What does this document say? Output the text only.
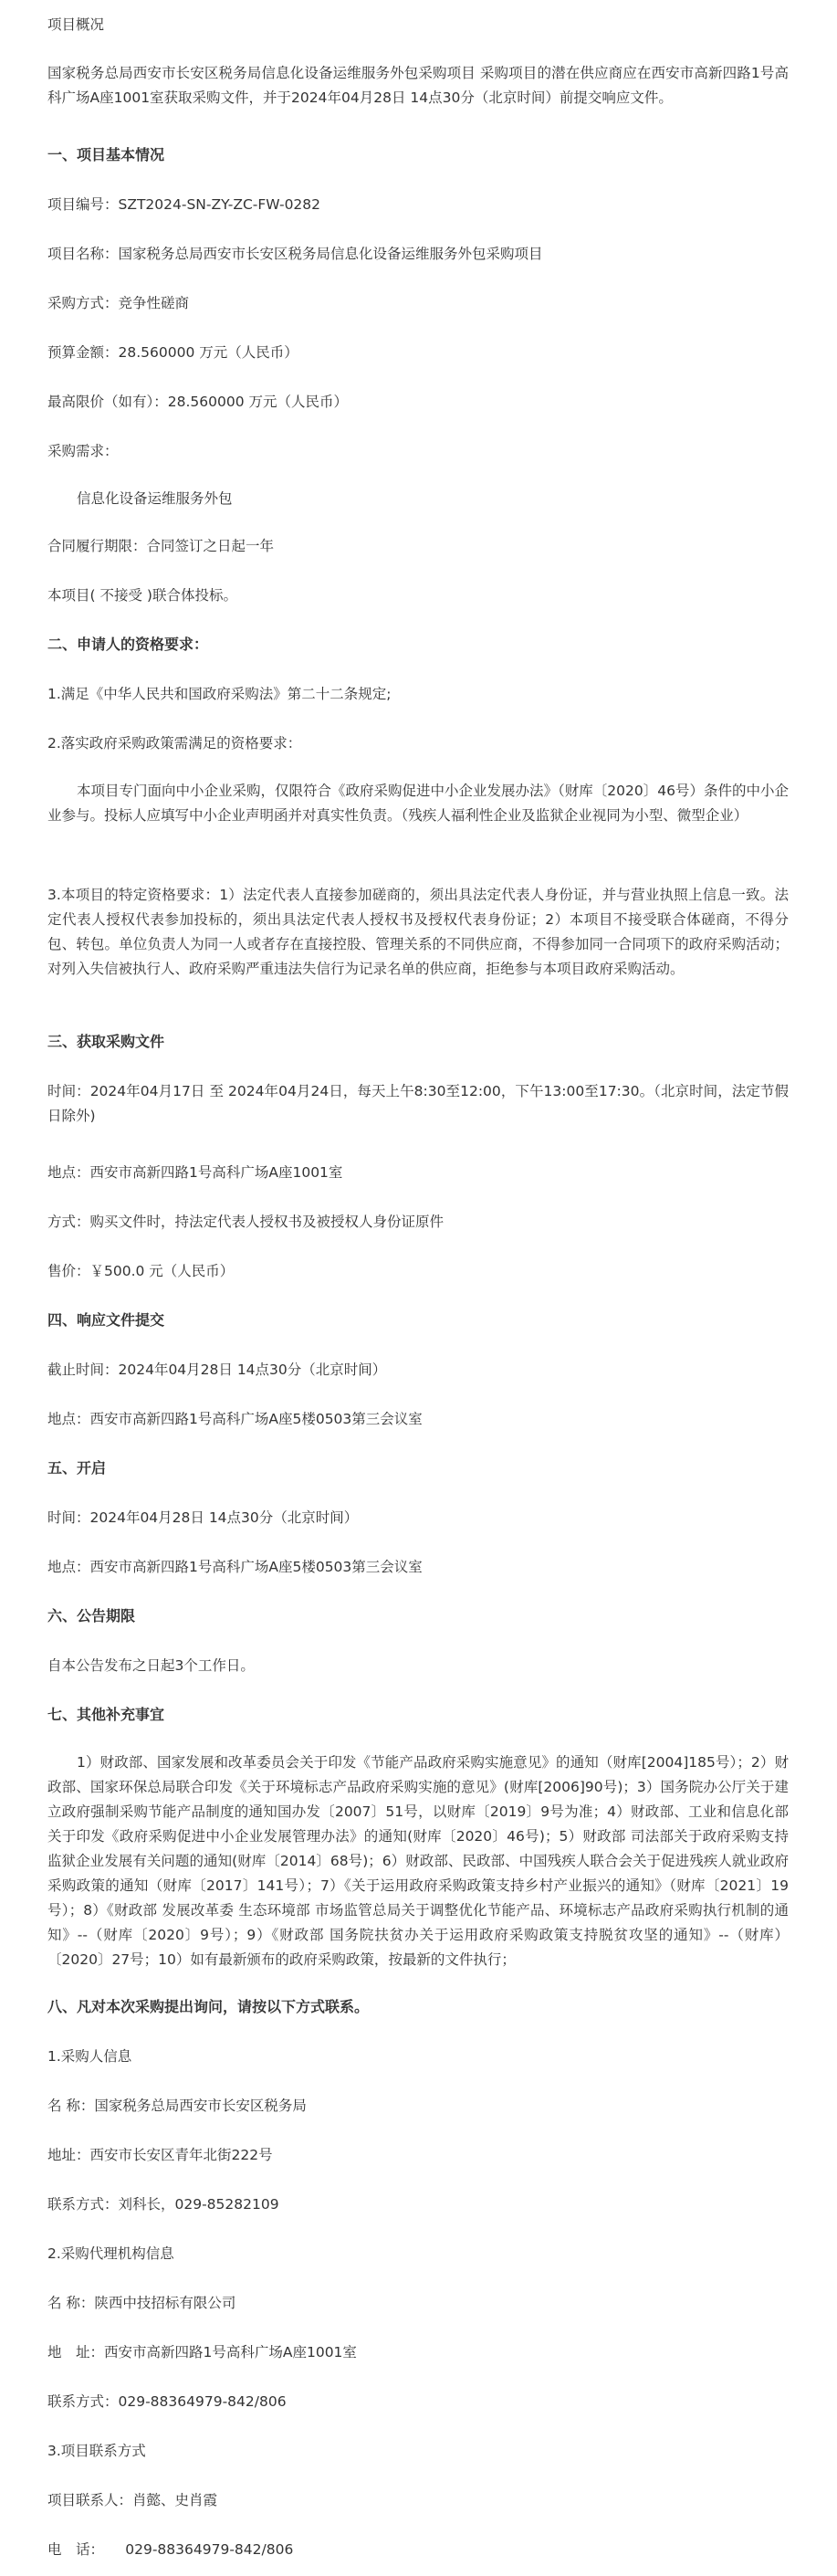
项目概况

国家税务总局西安市长安区税务局信息化设备运维服务外包采购项目 采购项目的潜在供应商应在西安市高新四路1号高科广场A座1001室获取采购文件，并于2024年04月28日 14点30分（北京时间）前提交响应文件。

一、项目基本情况
项目编号：SZT2024-SN-ZY-ZC-FW-0282
项目名称：国家税务总局西安市长安区税务局信息化设备运维服务外包采购项目
采购方式：竞争性磋商
预算金额：28.560000 万元（人民币）
最高限价（如有）：28.560000 万元（人民币）
采购需求：
信息化设备运维服务外包
合同履行期限：合同签订之日起一年
本项目( 不接受 )联合体投标。
二、申请人的资格要求：
1.满足《中华人民共和国政府采购法》第二十二条规定;
2.落实政府采购政策需满足的资格要求：

本项目专门面向中小企业采购，仅限符合《政府采购促进中小企业发展办法》（财库〔2020〕46号）条件的中小企业参与。投标人应填写中小企业声明函并对真实性负责。（残疾人福利性企业及监狱企业视同为小型、微型企业）

3.本项目的特定资格要求：1）法定代表人直接参加磋商的，须出具法定代表人身份证，并与营业执照上信息一致。法定代表人授权代表参加投标的，须出具法定代表人授权书及授权代表身份证；2）本项目不接受联合体磋商，不得分包、转包。单位负责人为同一人或者存在直接控股、管理关系的不同供应商，不得参加同一合同项下的政府采购活动；对列入失信被执行人、政府采购严重违法失信行为记录名单的供应商，拒绝参与本项目政府采购活动。

三、获取采购文件

时间：2024年04月17日 至 2024年04月24日，每天上午8:30至12:00，下午13:00至17:30。（北京时间，法定节假日除外)

地点：西安市高新四路1号高科广场A座1001室
方式：购买文件时，持法定代表人授权书及被授权人身份证原件
售价：￥500.0 元（人民币）
四、响应文件提交
截止时间：2024年04月28日 14点30分（北京时间）
地点：西安市高新四路1号高科广场A座5楼0503第三会议室
五、开启
时间：2024年04月28日 14点30分（北京时间）
地点：西安市高新四路1号高科广场A座5楼0503第三会议室
六、公告期限
自本公告发布之日起3个工作日。
七、其他补充事宜

1）财政部、国家发展和改革委员会关于印发《节能产品政府采购实施意见》的通知（财库[2004]185号）；2）财政部、国家环保总局联合印发《关于环境标志产品政府采购实施的意见》(财库[2006]90号)；3）国务院办公厅关于建立政府强制采购节能产品制度的通知国办发〔2007〕51号，以财库〔2019〕9号为准；4）财政部、工业和信息化部关于印发《政府采购促进中小企业发展管理办法》的通知(财库〔2020〕46号)；5）财政部 司法部关于政府采购支持监狱企业发展有关问题的通知(财库〔2014〕68号)；6）财政部、民政部、中国残疾人联合会关于促进残疾人就业政府采购政策的通知（财库〔2017〕141号）；7）《关于运用政府采购政策支持乡村产业振兴的通知》（财库〔2021〕19号）；8）《财政部 发展改革委 生态环境部 市场监管总局关于调整优化节能产品、环境标志产品政府采购执行机制的通知》--（财库〔2020〕9号）；9）《财政部 国务院扶贫办关于运用政府采购政策支持脱贫攻坚的通知》--（财库）〔2020〕27号；10）如有最新颁布的政府采购政策，按最新的文件执行；

八、凡对本次采购提出询问，请按以下方式联系。
1.采购人信息
名 称：国家税务总局西安市长安区税务局
地址：西安市长安区青年北街222号
联系方式：刘科长，029-85282109
2.采购代理机构信息
名 称：陕西中技招标有限公司
地　址：西安市高新四路1号高科广场A座1001室
联系方式：029-88364979-842/806
3.项目联系方式
项目联系人：肖懿、史肖霞
电　话：　　029-88364979-842/806
